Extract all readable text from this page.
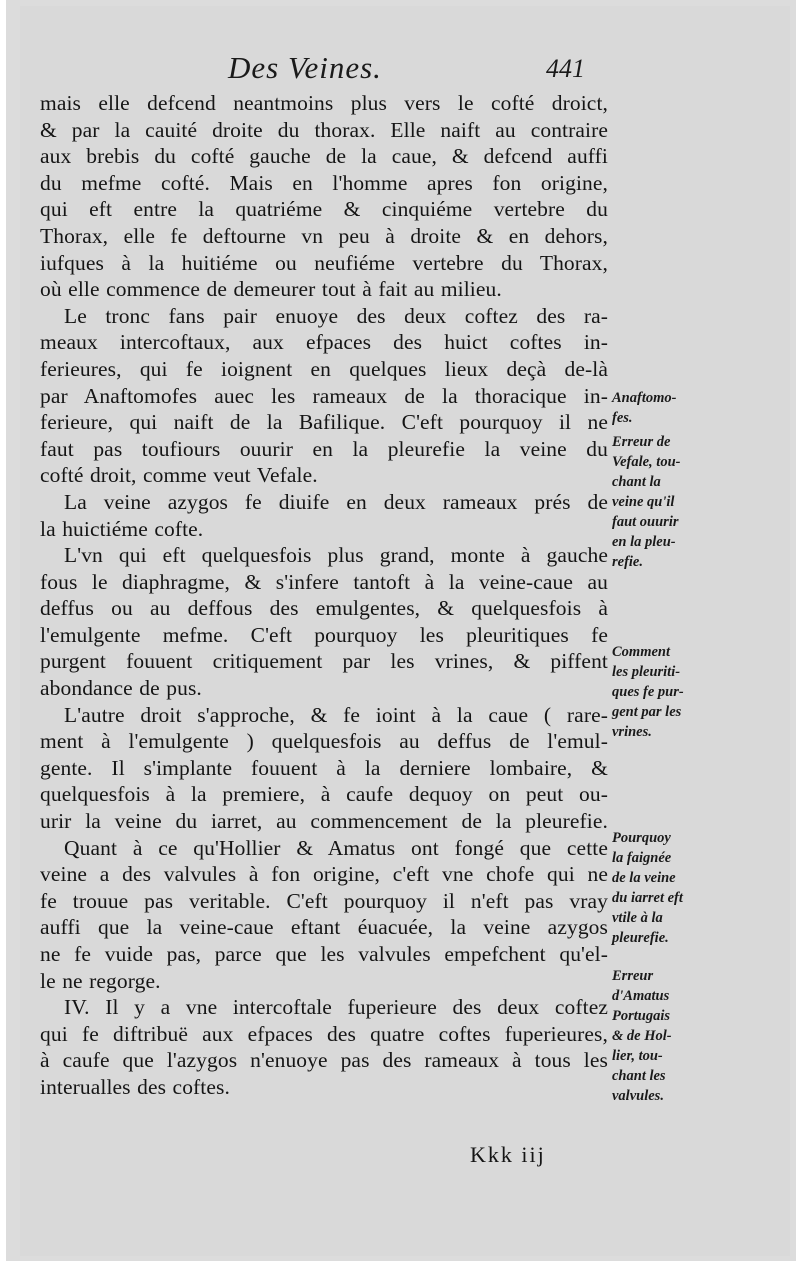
Des Veines.	441
mais elle defcend neantmoins plus vers le cofté droict,
& par la cauité droite du thorax. Elle naift au contraire
aux brebis du cofté gauche de la caue, & defcend auffi
du mefme cofté. Mais en l'homme apres fon origine,
qui eft entre la quatriéme & cinquiéme vertebre du
Thorax, elle fe deftourne vn peu à droite & en dehors,
iufques à la huitiéme ou neufiéme vertebre du Thorax,
où elle commence de demeurer tout à fait au milieu.
Le tronc fans pair enuoye des deux coftez des ra-
meaux intercoftaux, aux efpaces des huict coftes in-
ferieures, qui fe ioignent en quelques lieux deçà de-là
par Anaftomofes auec les rameaux de la thoracique in-
ferieure, qui naift de la Bafilique. C'eft pourquoy il ne
faut pas toufiours ouurir en la pleurefie la veine du
cofté droit, comme veut Vefale.
La veine azygos fe diuife en deux rameaux prés de
la huictiéme cofte.
L'vn qui eft quelquesfois plus grand, monte à gauche
fous le diaphragme, & s'infere tantoft à la veine-caue au
deffus ou au deffous des emulgentes, & quelquesfois à
l'emulgente mefme. C'eft pourquoy les pleuritiques fe
purgent fouuent critiquement par les vrines, & piffent
abondance de pus.
L'autre droit s'approche, & fe ioint à la caue ( rare-
ment à l'emulgente ) quelquesfois au deffus de l'emul-
gente. Il s'implante fouuent à la derniere lombaire, &
quelquesfois à la premiere, à caufe dequoy on peut ou-
urir la veine du iarret, au commencement de la pleurefie.
Quant à ce qu'Hollier & Amatus ont fongé que cette
veine a des valvules à fon origine, c'eft vne chofe qui ne
fe trouue pas veritable. C'eft pourquoy il n'eft pas vray
auffi que la veine-caue eftant éuacuée, la veine azygos
ne fe vuide pas, parce que les valvules empefchent qu'el-
le ne regorge.
IV. Il y a vne intercoftale fuperieure des deux coftez
qui fe diftribuë aux efpaces des quatre coftes fuperieures,
à caufe que l'azygos n'enuoye pas des rameaux à tous les
interualles des coftes.
Anaftomo-
fes.
Erreur de
Vefale, tou-
chant la
veine qu'il
faut ouurir
en la pleu-
refie.
Comment
les pleuriti-
ques fe pur-
gent par les
vrines.
Pourquoy
la faignée
de la veine
du iarret eft
vtile à la
pleurefie.
Erreur
d'Amatus
Portugais
& de Hol-
lier, tou-
chant les
valvules.
Kkk iij
